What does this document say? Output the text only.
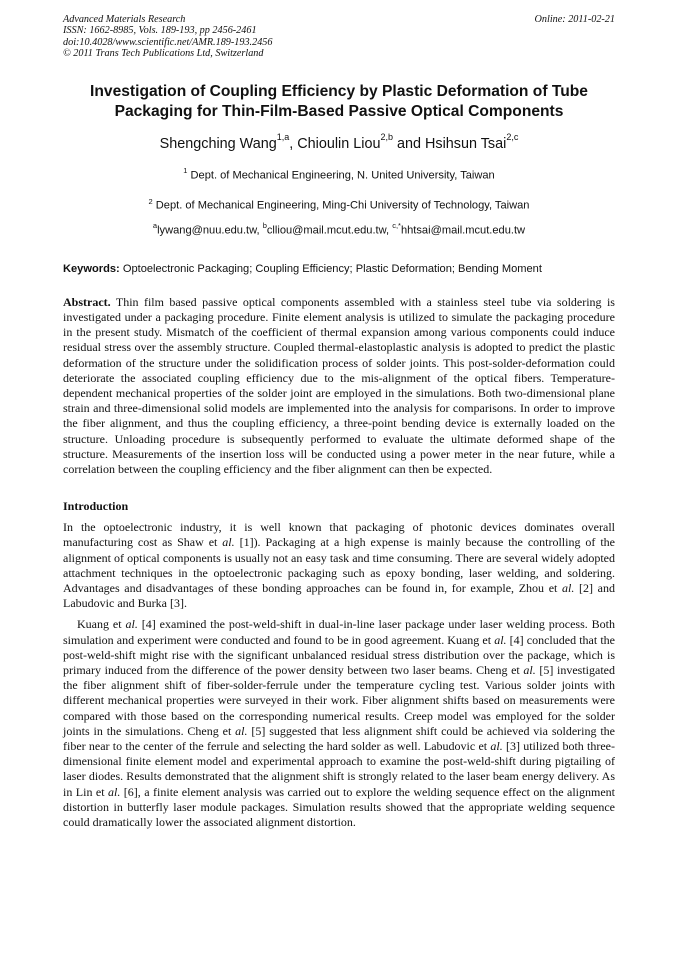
Advanced Materials Research
ISSN: 1662-8985, Vols. 189-193, pp 2456-2461
doi:10.4028/www.scientific.net/AMR.189-193.2456
© 2011 Trans Tech Publications Ltd, Switzerland
Online: 2011-02-21
Investigation of Coupling Efficiency by Plastic Deformation of Tube
Packaging for Thin-Film-Based Passive Optical Components
Shengching Wang$^{1,a}$, Chioulin Liou$^{2,b}$ and Hsihsun Tsai$^{2,c}$
$^1$ Dept. of Mechanical Engineering, N. United University, Taiwan
$^2$ Dept. of Mechanical Engineering, Ming-Chi University of Technology, Taiwan
$^a$lywang@nuu.edu.tw, $^b$clliou@mail.mcut.edu.tw, $^{c,*}$hhtsai@mail.mcut.edu.tw
Keywords: Optoelectronic Packaging; Coupling Efficiency; Plastic Deformation; Bending Moment
Abstract. Thin film based passive optical components assembled with a stainless steel tube via soldering is investigated under a packaging procedure. Finite element analysis is utilized to simulate the packaging procedure in the present study. Mismatch of the coefficient of thermal expansion among various components could induce residual stress over the assembly structure. Coupled thermal-elastoplastic analysis is adopted to predict the plastic deformation of the structure under the solidification process of solder joints. This post-solder-deformation could deteriorate the associated coupling efficiency due to the mis-alignment of the optical fibers. Temperature-dependent mechanical properties of the solder joint are employed in the simulations. Both two-dimensional plane strain and three-dimensional solid models are implemented into the analysis for comparisons. In order to improve the fiber alignment, and thus the coupling efficiency, a three-point bending device is externally loaded on the structure. Unloading procedure is subsequently performed to evaluate the ultimate deformed shape of the structure. Measurements of the insertion loss will be conducted using a power meter in the near future, while a correlation between the coupling efficiency and the fiber alignment can then be expected.
Introduction
In the optoelectronic industry, it is well known that packaging of photonic devices dominates overall manufacturing cost as Shaw et al. [1]). Packaging at a high expense is mainly because the controlling of the alignment of optical components is usually not an easy task and time consuming. There are several widely adopted attachment techniques in the optoelectronic packaging such as epoxy bonding, laser welding, and soldering. Advantages and disadvantages of these bonding approaches can be found in, for example, Zhou et al. [2] and Labudovic and Burka [3].
Kuang et al. [4] examined the post-weld-shift in dual-in-line laser package under laser welding process. Both simulation and experiment were conducted and found to be in good agreement. Kuang et al. [4] concluded that the post-weld-shift might rise with the significant unbalanced residual stress distribution over the package, which is primary induced from the difference of the power density between two laser beams. Cheng et al. [5] investigated the fiber alignment shift of fiber-solder-ferrule under the temperature cycling test. Various solder joints with different mechanical properties were surveyed in their work. Fiber alignment shifts based on measurements were compared with those based on the corresponding numerical results. Creep model was employed for the solder joints in the simulations. Cheng et al. [5] suggested that less alignment shift could be achieved via soldering the fiber near to the center of the ferrule and selecting the hard solder as well. Labudovic et al. [3] utilized both three-dimensional finite element model and experimental approach to examine the post-weld-shift during pigtailing of laser diodes. Results demonstrated that the alignment shift is strongly related to the laser beam energy delivery. As in Lin et al. [6], a finite element analysis was carried out to explore the welding sequence effect on the alignment distortion in butterfly laser module packages. Simulation results showed that the appropriate welding sequence could dramatically lower the associated alignment distortion.
